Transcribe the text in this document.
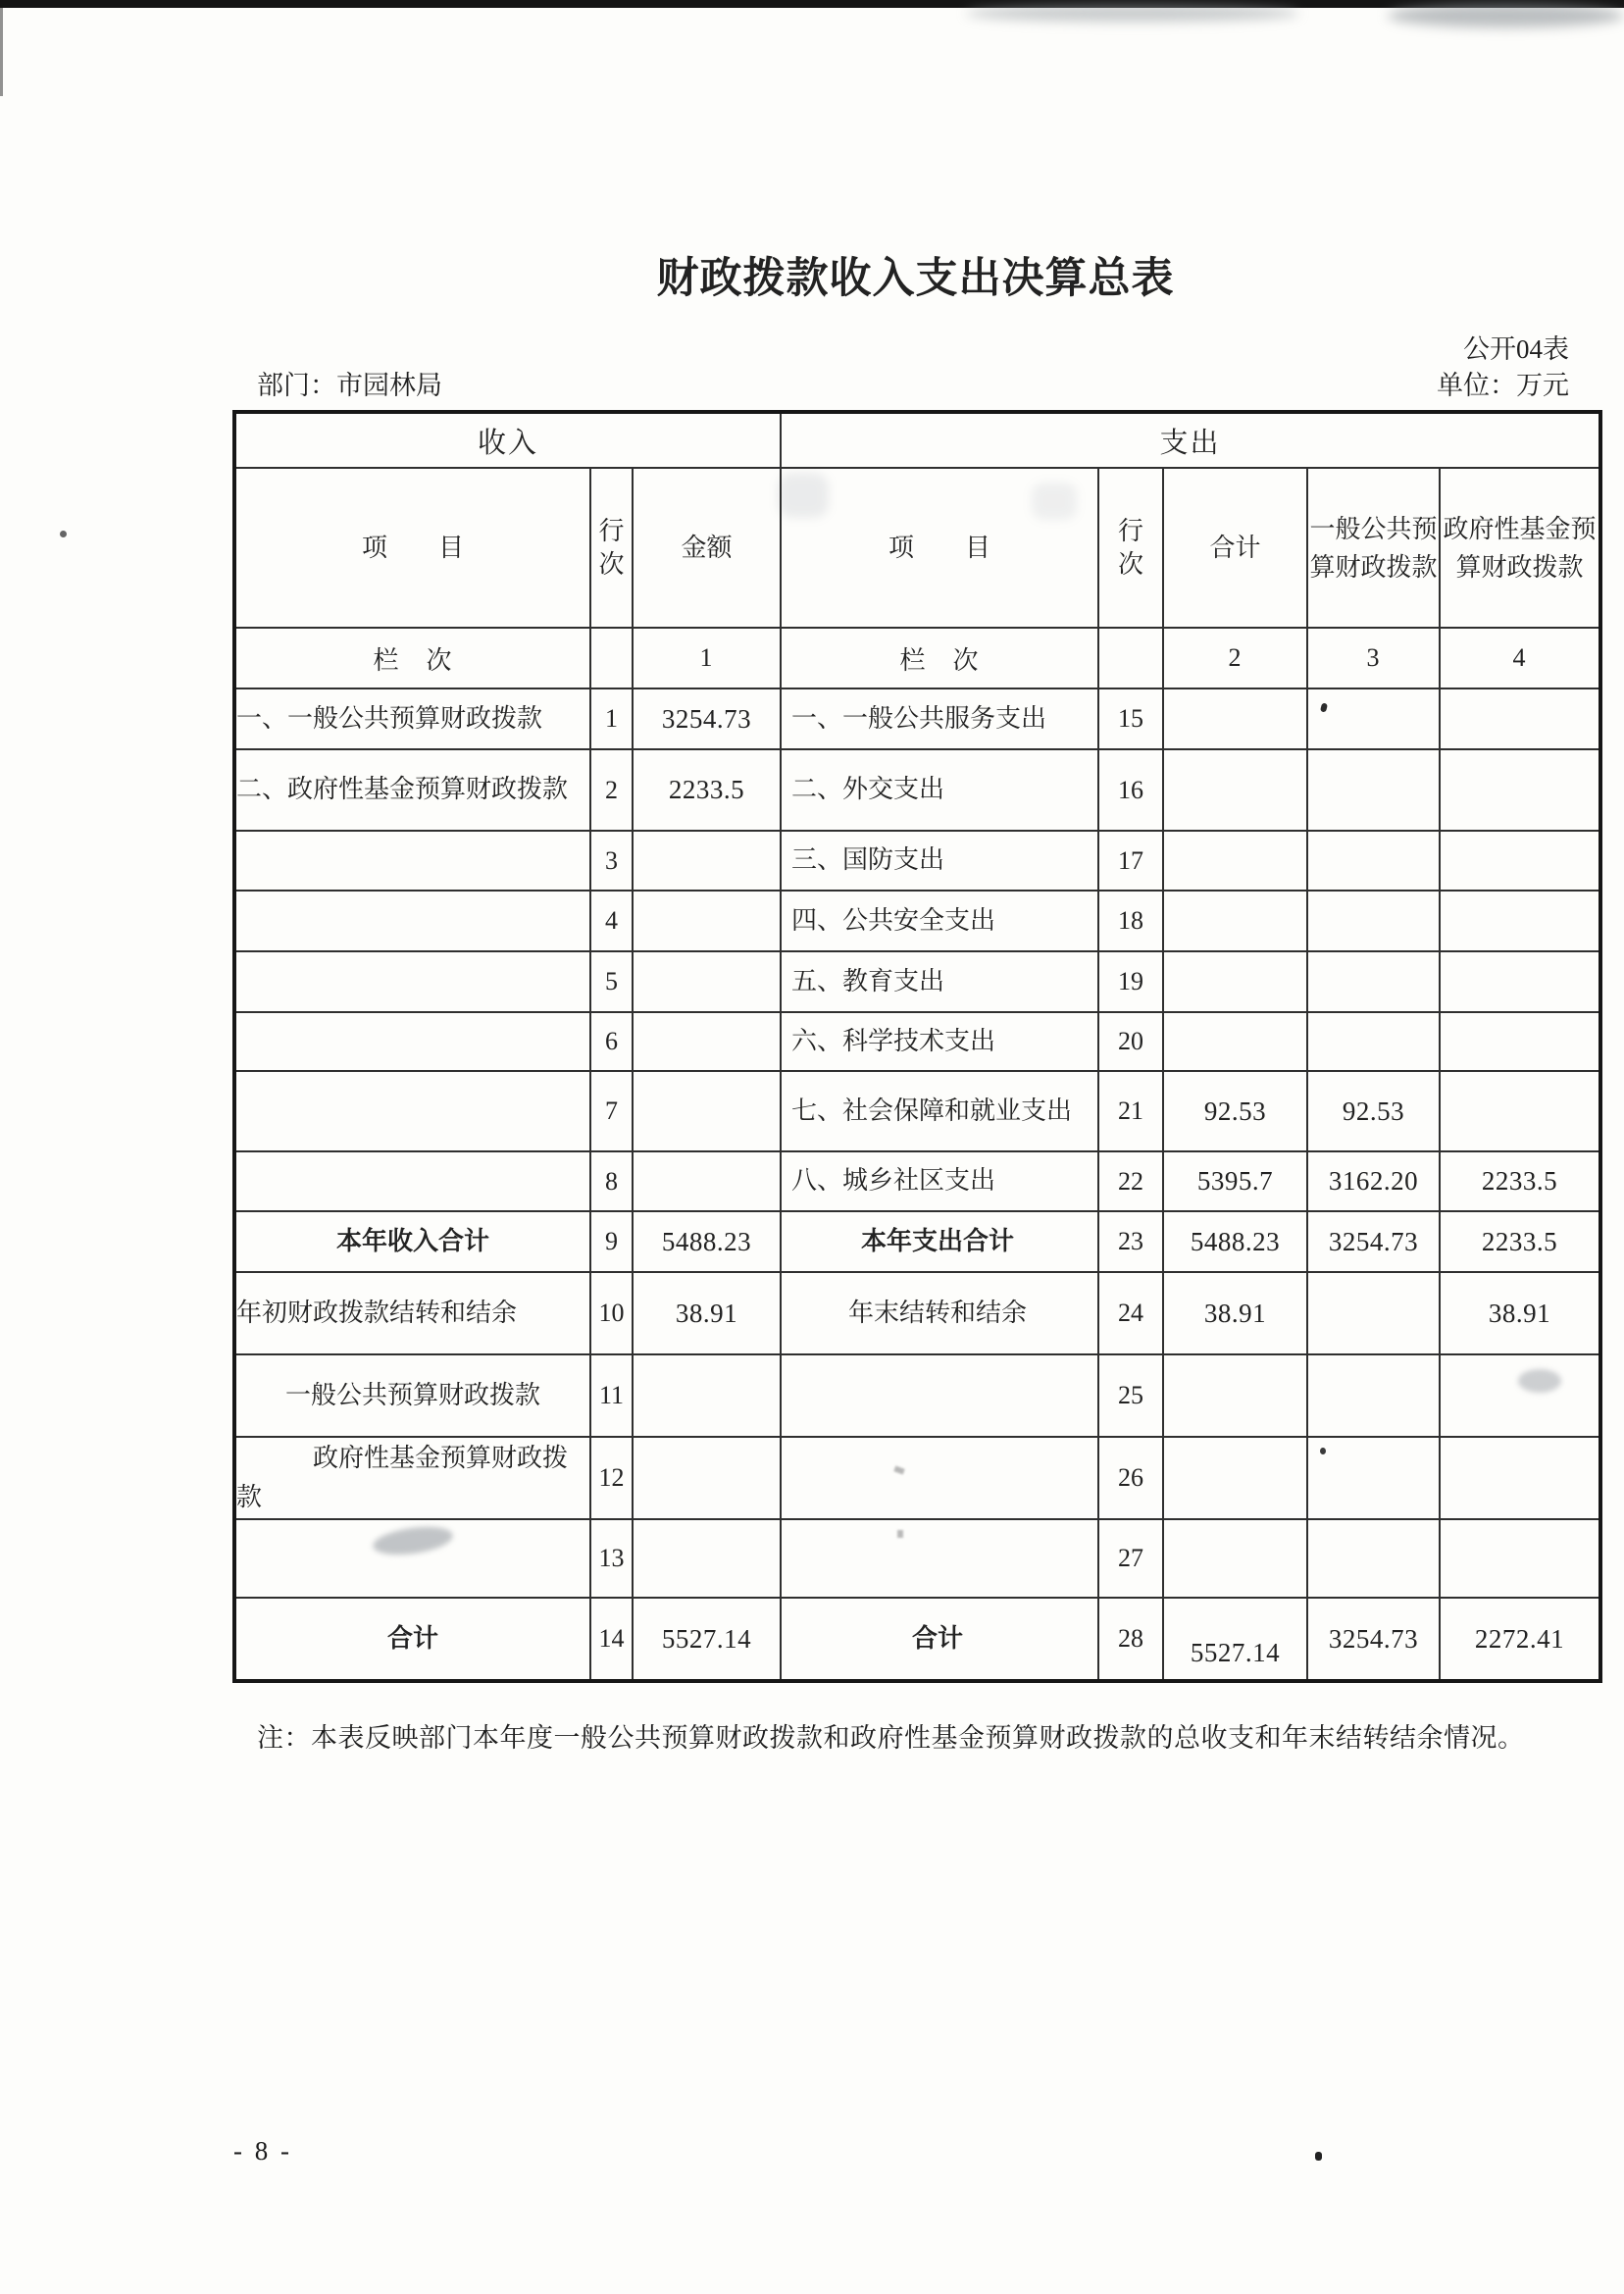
财政拨款收入支出决算总表
公开04表
部门：市园林局	单位：万元
收入			支出				
项　　目	行次	金额	项　　目	行次	合计	一般公共预算财政拨款	政府性基金预算财政拨款
栏　次		1	栏　次		2	3	4
一、一般公共预算财政拨款	1	3254.73	一、一般公共服务支出	15			
二、政府性基金预算财政拨款	2	2233.5	二、外交支出	16			
	3		三、国防支出	17			
	4		四、公共安全支出	18			
	5		五、教育支出	19			
	6		六、科学技术支出	20			
	7		七、社会保障和就业支出	21	92.53	92.53	
	8		八、城乡社区支出	22	5395.7	3162.20	2233.5
本年收入合计	9	5488.23	本年支出合计	23	5488.23	3254.73	2233.5
年初财政拨款结转和结余	10	38.91	年末结转和结余	24	38.91		38.91
一般公共预算财政拨款	11			25			
政府性基金预算财政拨款	12			26			
	13			27			
合计	14	5527.14	合计	28	5527.14	3254.73	2272.41
注：本表反映部门本年度一般公共预算财政拨款和政府性基金预算财政拨款的总收支和年末结转结余情况。
- 8 -
